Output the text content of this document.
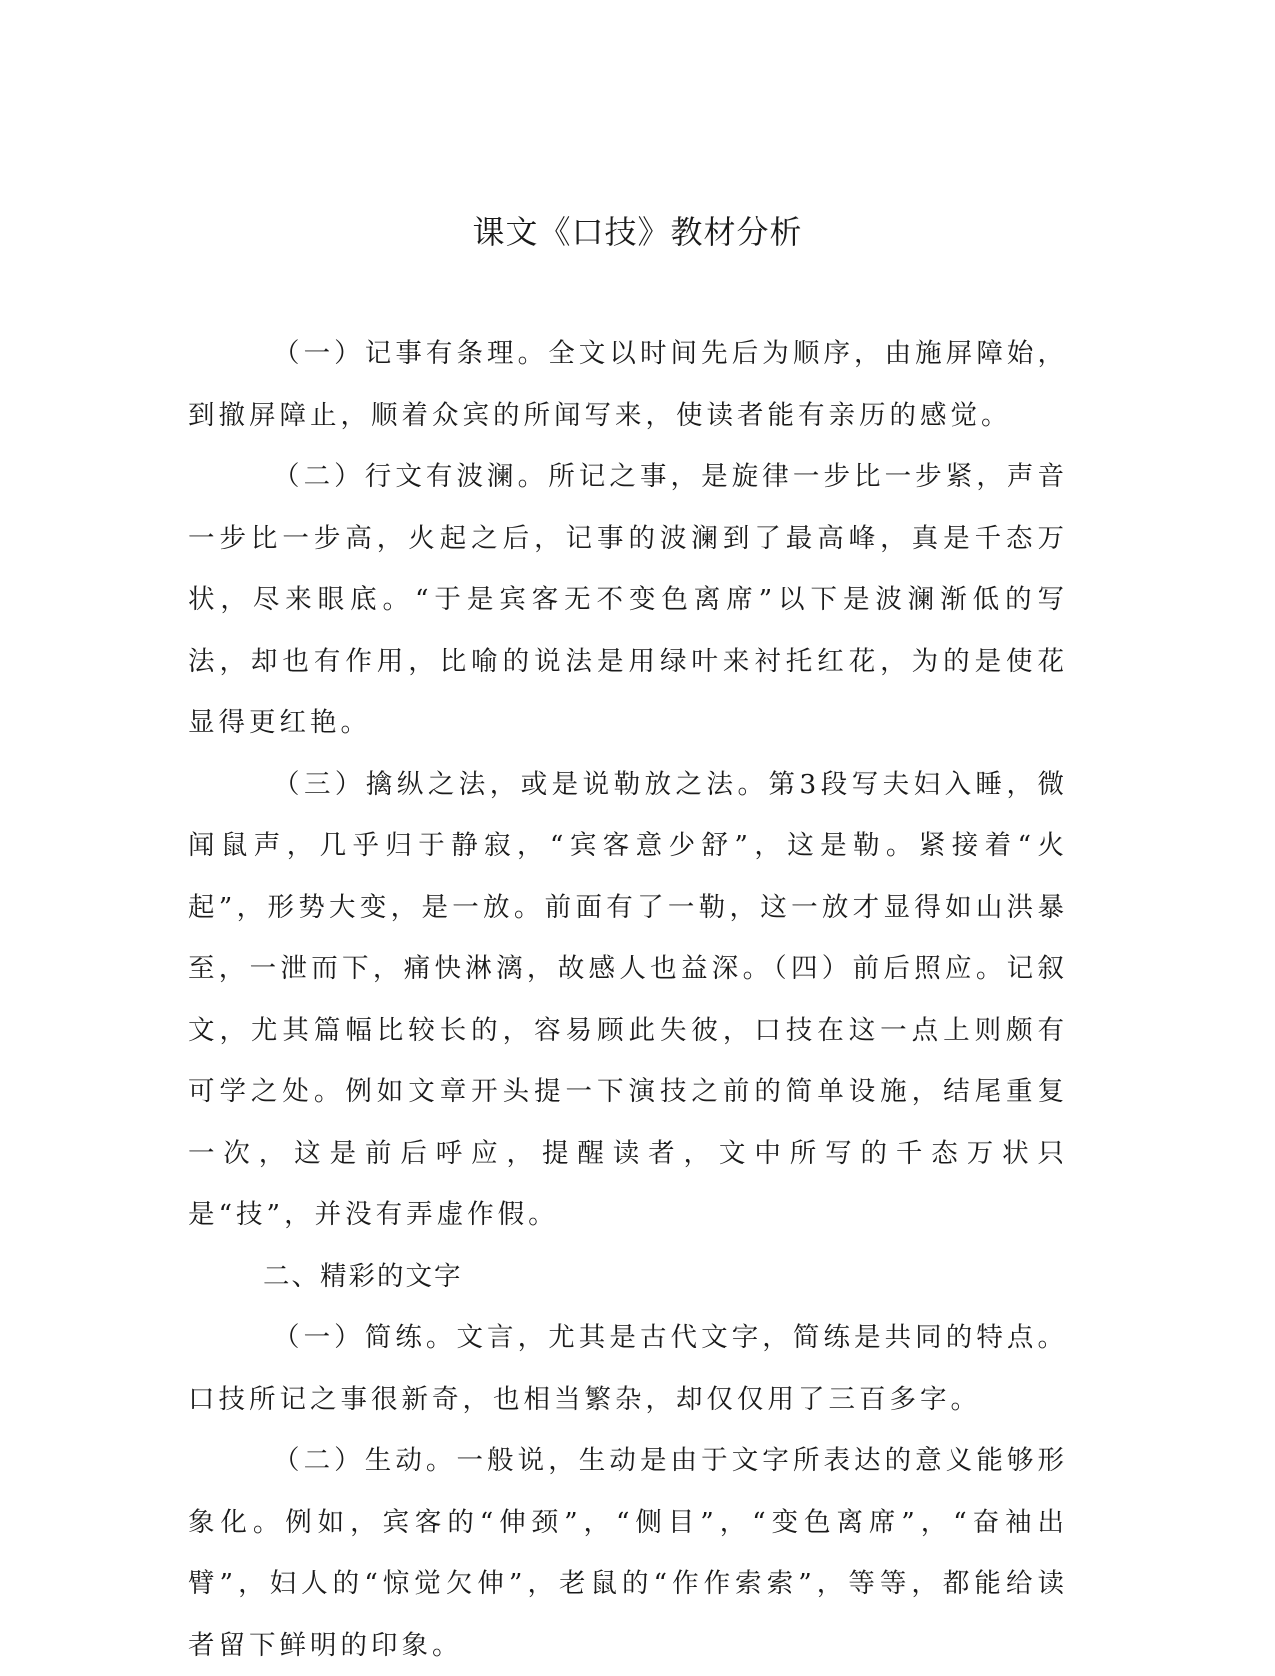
课文《口技》教材分析

（一）记事有条理。全文以时间先后为顺序，由施屏障始，到撤屏障止，顺着众宾的所闻写来，使读者能有亲历的感觉。

（二）行文有波澜。所记之事，是旋律一步比一步紧，声音一步比一步高，火起之后，记事的波澜到了最高峰，真是千态万状，尽来眼底。“于是宾客无不变色离席”以下是波澜渐低的写法，却也有作用，比喻的说法是用绿叶来衬托红花，为的是使花显得更红艳。

（三）擒纵之法，或是说勒放之法。第3段写夫妇入睡，微闻鼠声，几乎归于静寂，“宾客意少舒”，这是勒。紧接着“火起”，形势大变，是一放。前面有了一勒，这一放才显得如山洪暴至，一泄而下，痛快淋漓，故感人也益深。（四）前后照应。记叙文，尤其篇幅比较长的，容易顾此失彼，口技在这一点上则颇有可学之处。例如文章开头提一下演技之前的简单设施，结尾重复一次，这是前后呼应，提醒读者，文中所写的千态万状只是“技”，并没有弄虚作假。

二、精彩的文字

（一）简练。文言，尤其是古代文字，简练是共同的特点。口技所记之事很新奇，也相当繁杂，却仅仅用了三百多字。

（二）生动。一般说，生动是由于文字所表达的意义能够形象化。例如，宾客的“伸颈”，“侧目”，“变色离席”，“奋袖出臂”，妇人的“惊觉欠伸”，老鼠的“作作索索”，等等，都能给读者留下鲜明的印象。
